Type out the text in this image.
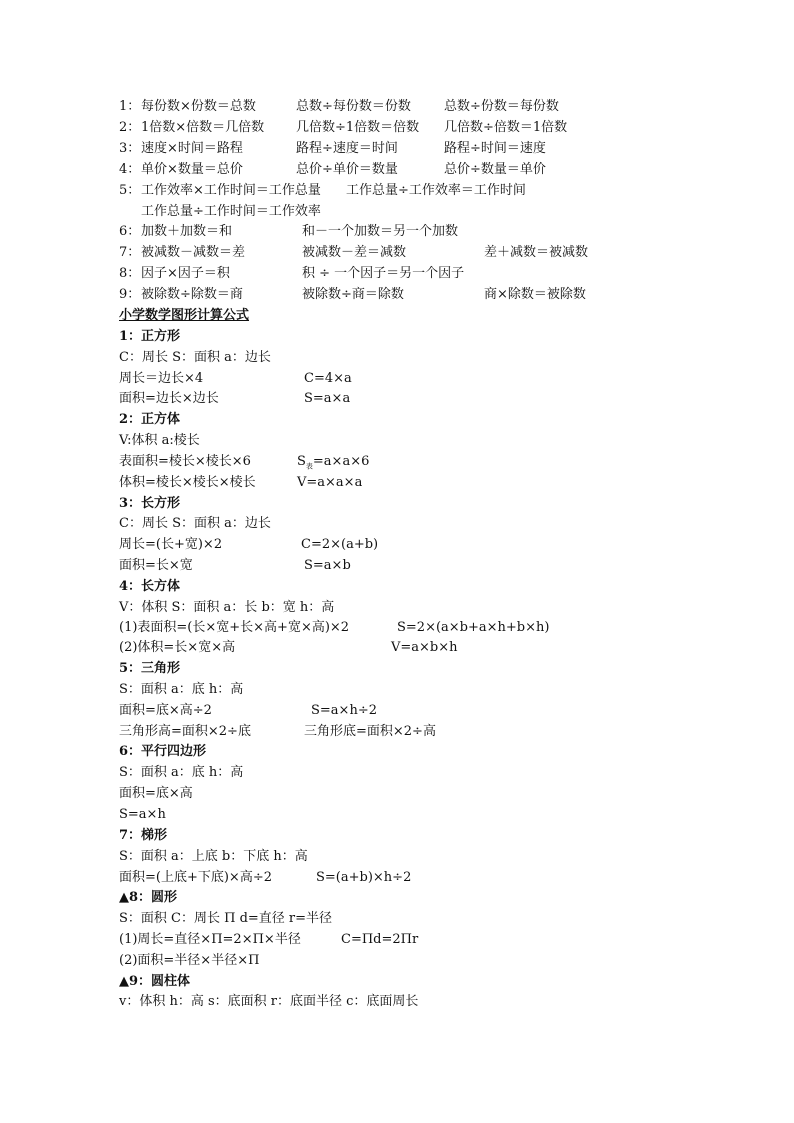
1： 每份数×份数＝总数	总数÷每份数＝份数	总数÷份数＝每份数
2： 1倍数×倍数＝几倍数 几倍数÷1倍数＝倍数 几倍数÷倍数＝1倍数
3： 速度×时间＝路程	路程÷速度＝时间	路程÷时间＝速度
4： 单价×数量＝总价	总价÷单价＝数量	总价÷数量＝单价
5： 工作效率×工作时间＝工作总量 工作总量÷工作效率＝工作时间
工作总量÷工作时间＝工作效率
6： 加数＋加数＝和	和－一个加数＝另一个加数
7： 被减数－减数＝差	被减数－差＝减数	差＋减数＝被减数
8： 因子×因子＝积	积 ÷ 一个因子＝另一个因子
9： 被除数÷除数＝商	被除数÷商＝除数	商×除数＝被除数
小学数学图形计算公式
1：正方形
C：周长 S：面积 a：边长
周长＝边长×4	C=4×a
面积=边长×边长	S=a×a
2：正方体
V:体积 a:棱长
表面积=棱长×棱长×6	$S_表=a\times a\times 6$
体积=棱长×棱长×棱长	V=a×a×a
3：长方形
C：周长 S：面积 a：边长
周长=(长+宽)×2	C=2×(a+b)
面积=长×宽	S=a×b
4：长方体
V：体积 S：面积 a：长 b：宽 h：高
(1)表面积=(长×宽+长×高+宽×高)×2	S=2×(a×b+a×h+b×h)
(2)体积=长×宽×高	V=a×b×h
5：三角形
S：面积 a：底 h：高
面积=底×高÷2	S=a×h÷2
三角形高=面积×2÷底	三角形底=面积×2÷高
6：平行四边形
S：面积 a：底 h：高
面积=底×高
S=a×h
7：梯形
S：面积 a：上底 b：下底 h：高
面积=(上底+下底)×高÷2	S=(a+b)×h÷2
▲8：圆形
S：面积 C：周长 Π d=直径 r=半径
(1)周长=直径×Π=2×Π×半径	C=Πd=2Πr
(2)面积=半径×半径×Π
▲9：圆柱体
v：体积 h：高 s：底面积 r：底面半径 c：底面周长
